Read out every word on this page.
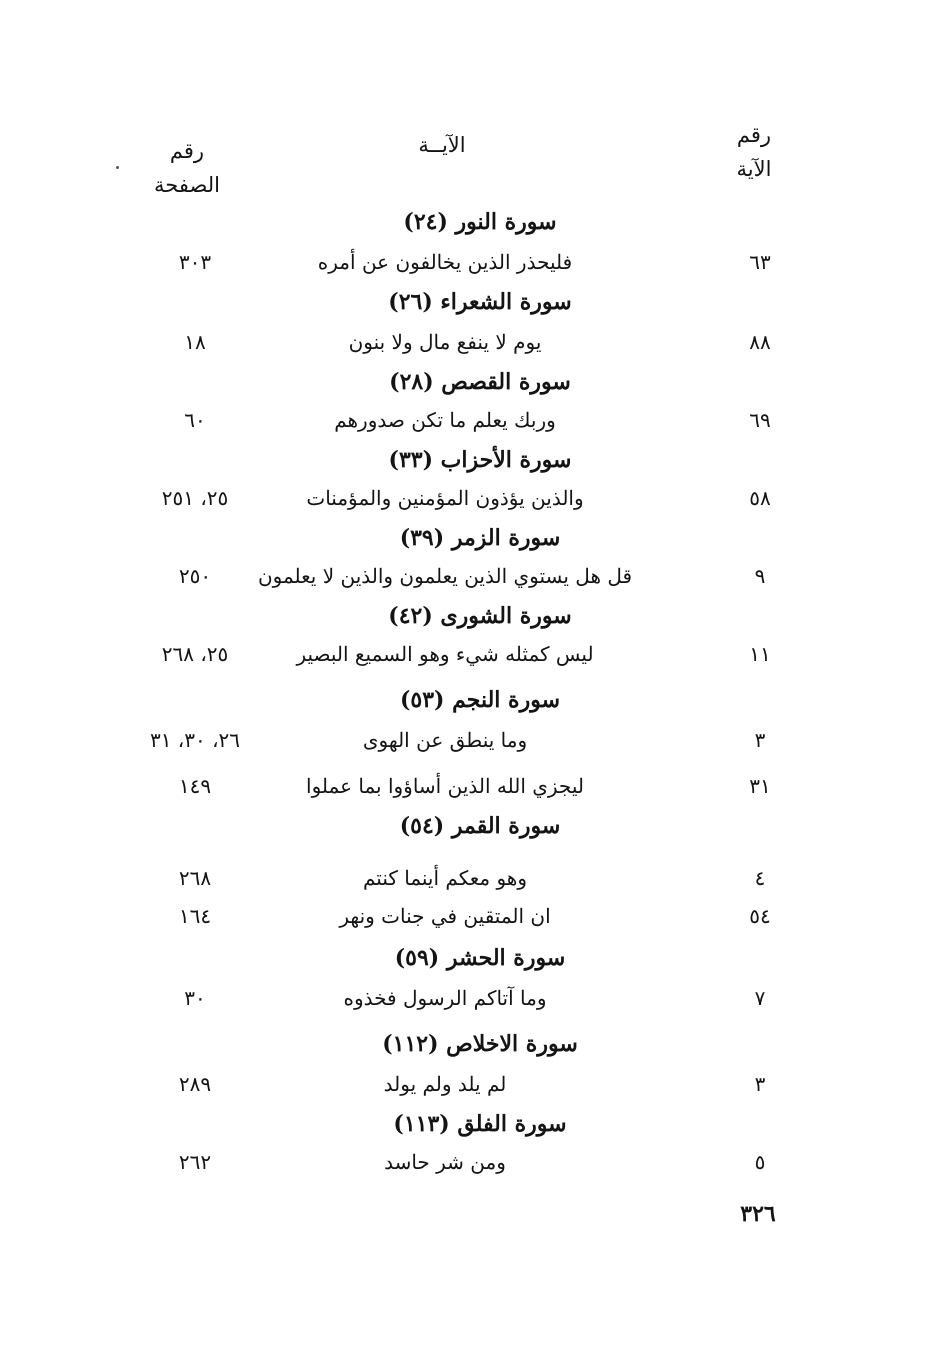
رقم
الآية
الآيــة
رقم
الصفحة
سورة النور (٢٤)
٦٣
فليحذر الذين يخالفون عن أمره
٣٠٣
سورة الشعراء (٢٦)
٨٨
يوم لا ينفع مال ولا بنون
١٨
سورة القصص (٢٨)
٦٩
وربك يعلم ما تكن صدورهم
٦٠
سورة الأحزاب (٣٣)
٥٨
والذين يؤذون المؤمنين والمؤمنات
٢٥، ٢٥١
سورة الزمر (٣٩)
٩
قل هل يستوي الذين يعلمون والذين لا يعلمون
٢٥٠
سورة الشورى (٤٢)
١١
ليس كمثله شيء وهو السميع البصير
٢٥، ٢٦٨
سورة النجم (٥٣)
٣
وما ينطق عن الهوى
٢٦، ٣٠، ٣١
٣١
ليجزي الله الذين أساؤوا بما عملوا
١٤٩
سورة القمر (٥٤)
٤
وهو معكم أينما كنتم
٢٦٨
٥٤
ان المتقين في جنات ونهر
١٦٤
سورة الحشر (٥٩)
٧
وما آتاكم الرسول فخذوه
٣٠
سورة الاخلاص (١١٢)
٣
لم يلد ولم يولد
٢٨٩
سورة الفلق (١١٣)
٥
ومن شر حاسد
٢٦٢
٣٢٦
